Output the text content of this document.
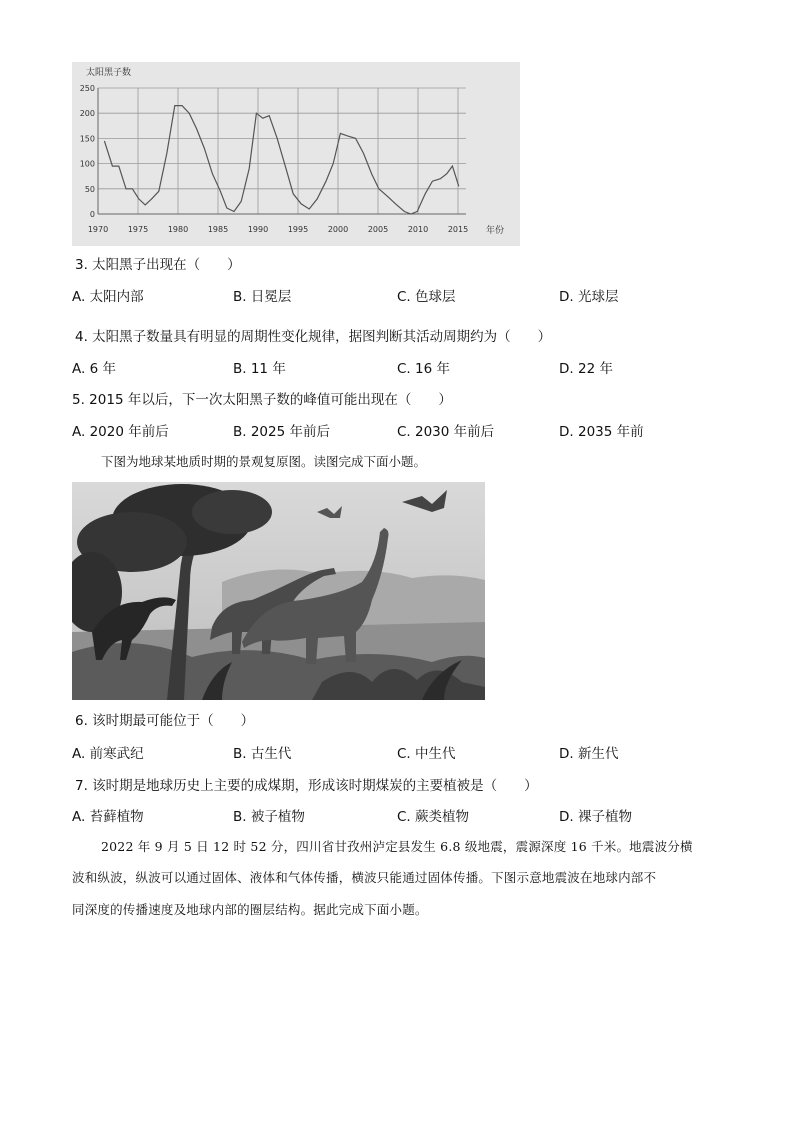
0
50
100
150
200
250
1970 1975 1980 1985 1990 1995 2000 2005 2010 2015
太阳黑子数
年份
3. 太阳黑子出现在（　　）
A. 太阳内部	B. 日冕层	C. 色球层	D. 光球层
4. 太阳黑子数量具有明显的周期性变化规律，据图判断其活动周期约为（　　）
A. 6 年	B. 11 年	C. 16 年	D. 22 年
5. 2015 年以后，下一次太阳黑子数的峰值可能出现在（　　）
A. 2020 年前后	B. 2025 年前后	C. 2030 年前后	D. 2035 年前
下图为地球某地质时期的景观复原图。读图完成下面小题。
6. 该时期最可能位于（　　）
A. 前寒武纪	B. 古生代	C. 中生代	D. 新生代
7. 该时期是地球历史上主要的成煤期，形成该时期煤炭的主要植被是（　　）
A. 苔藓植物	B. 被子植物	C. 蕨类植物	D. 裸子植物
2022 年 9 月 5 日 12 时 52 分，四川省甘孜州泸定县发生 6.8 级地震，震源深度 16 千米。地震波分横
波和纵波，纵波可以通过固体、液体和气体传播，横波只能通过固体传播。下图示意地震波在地球内部不
同深度的传播速度及地球内部的圈层结构。据此完成下面小题。
